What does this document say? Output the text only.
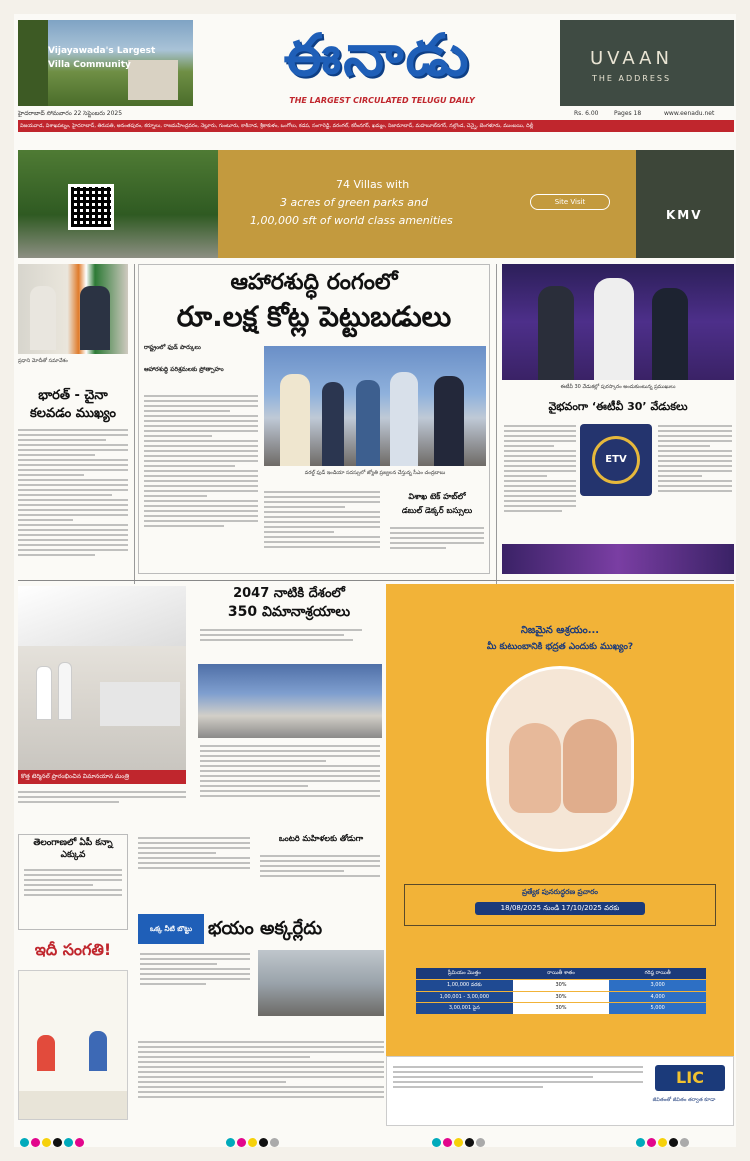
Vijayawada's Largest
Villa Community	ఈనాడు
THE LARGEST CIRCULATED TELUGU DAILY
UVAAN
THE ADDRESS
హైదరాబాద్ సోమవారం 22 సెప్టెంబరు 2025	Rs. 6.00	Pages 18	www.eenadu.net
విజయవాడ, విశాఖపట్నం, హైదరాబాద్, తిరుపతి, అనంతపురం, కర్నూలు, రాజమహేంద్రవరం, నెల్లూరు, గుంటూరు, కాకినాడ, శ్రీకాకుళం, ఒంగోలు, కడప, సంగారెడ్డి, వరంగల్, కరీంనగర్, ఖమ్మం, నిజామాబాద్, మహబూబ్‌నగర్, నల్గొండ, చెన్నై, బెంగళూరు, ముంబయి, దిల్లీ
74 Villas with
3 acres of green parks and
1,00,000 sft of world class amenities
Site Visit
KMV
ప్రధాని మోదీతో సమావేశం
భారత్ - చైనా
కలవడం ముఖ్యం
ఆహారశుద్ధి రంగంలో
రూ.లక్ష కోట్ల పెట్టుబడులు
రాష్ట్రంలో ఫుడ్ పార్కులు
ఆహారశుద్ధి పరిశ్రమలకు ప్రోత్సాహం
వరల్డ్ ఫుడ్ ఇండియా సదస్సులో జ్యోతి ప్రజ్వలన చేస్తున్న సీఎం చంద్రబాబు
విశాఖ టెక్ హబ్‌లో
డబుల్ డెక్కర్ బస్సులు
ఈటీవీ 30 వేడుకల్లో పురస్కారం అందుకుంటున్న ప్రముఖులు
వైభవంగా ‘ఈటీవీ 30’ వేడుకలు
ETV
కొత్త టెర్మినల్ ప్రారంభించిన విమానయాన మంత్రి
2047 నాటికి దేశంలో
350 విమానాశ్రయాలు
తెలంగాణలో ఏపీ కన్నా ఎక్కువ
ఒంటరి మహిళలకు తోడుగా
ఇదీ సంగతి!
ఒక్క నీటి బొట్టు భయం అక్కర్లేదు
నిజమైన ఆశ్రయం...
మీ కుటుంబానికి భద్రత ఎందుకు ముఖ్యం?
ప్రత్యేక పునరుద్ధరణ ప్రచారం
18/08/2025 నుండి 17/10/2025 వరకు
ప్రీమియం మొత్తం	రాయితీ శాతం	గరిష్ఠ రాయితీ
1,00,000 వరకు	30%	3,000
1,00,001 - 3,00,000	30%	4,000
3,00,001 పైన	30%	5,000
LIC
జీవితంతో జీవితం తర్వాత కూడా
